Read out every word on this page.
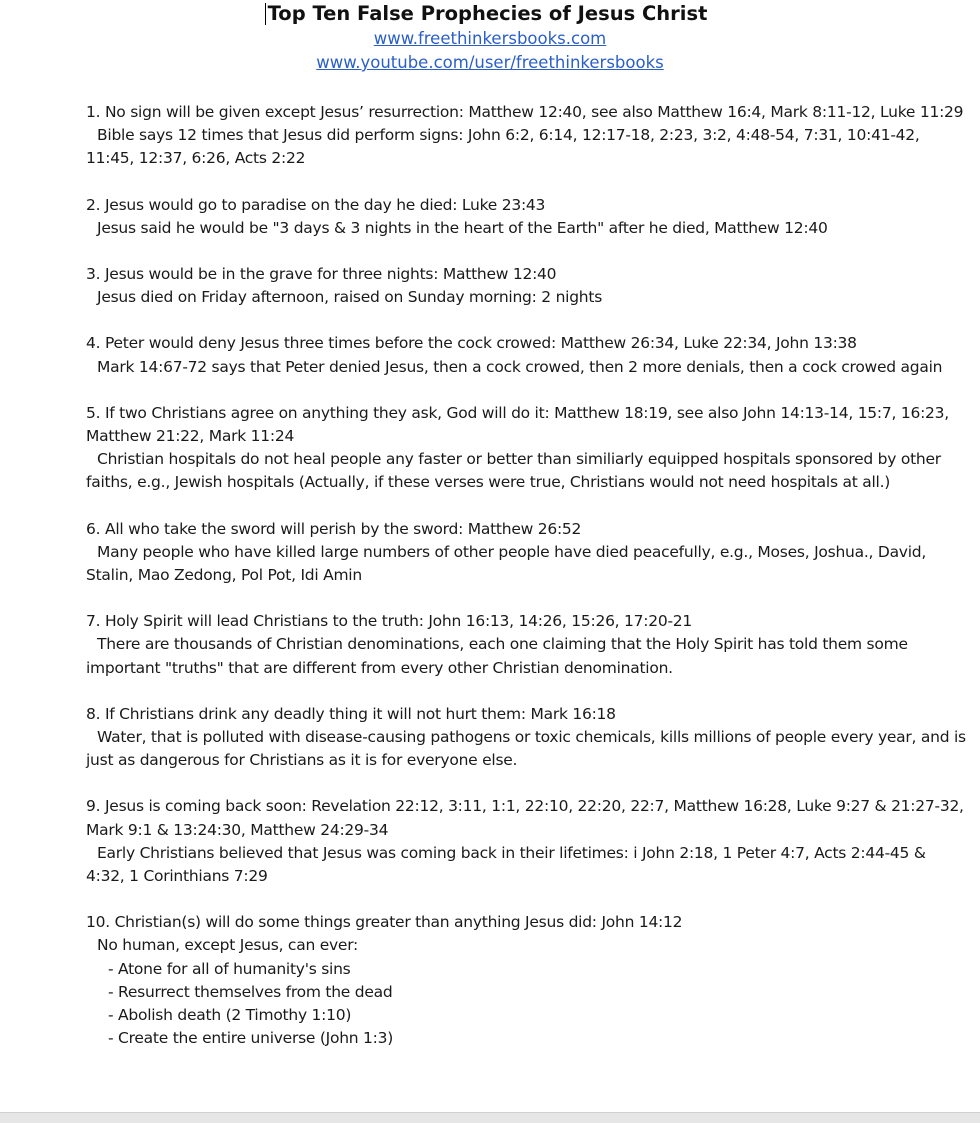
Top Ten False Prophecies of Jesus Christ
www.freethinkersbooks.com
www.youtube.com/user/freethinkersbooks

1. No sign will be given except Jesus’ resurrection: Matthew 12:40, see also Matthew 16:4, Mark 8:11-12, Luke 11:29

Bible says 12 times that Jesus did perform signs: John 6:2, 6:14, 12:17-18, 2:23, 3:2, 4:48-54, 7:31, 10:41-42, 11:45, 12:37, 6:26, Acts 2:22

2. Jesus would go to paradise on the day he died: Luke 23:43

Jesus said he would be "3 days & 3 nights in the heart of the Earth" after he died, Matthew 12:40

3. Jesus would be in the grave for three nights: Matthew 12:40

Jesus died on Friday afternoon, raised on Sunday morning: 2 nights

4. Peter would deny Jesus three times before the cock crowed: Matthew 26:34, Luke 22:34, John 13:38

Mark 14:67-72 says that Peter denied Jesus, then a cock crowed, then 2 more denials, then a cock crowed again

5. If two Christians agree on anything they ask, God will do it: Matthew 18:19, see also John 14:13-14, 15:7, 16:23, Matthew 21:22, Mark 11:24

Christian hospitals do not heal people any faster or better than similiarly equipped hospitals sponsored by other faiths, e.g., Jewish hospitals (Actually, if these verses were true, Christians would not need hospitals at all.)

6. All who take the sword will perish by the sword: Matthew 26:52

Many people who have killed large numbers of other people have died peacefully, e.g., Moses, Joshua., David, Stalin, Mao Zedong, Pol Pot, Idi Amin

7. Holy Spirit will lead Christians to the truth: John 16:13, 14:26, 15:26, 17:20-21

There are thousands of Christian denominations, each one claiming that the Holy Spirit has told them some important "truths" that are different from every other Christian denomination.

8. If Christians drink any deadly thing it will not hurt them: Mark 16:18

Water, that is polluted with disease-causing pathogens or toxic chemicals, kills millions of people every year, and is just as dangerous for Christians as it is for everyone else.

9. Jesus is coming back soon: Revelation 22:12, 3:11, 1:1, 22:10, 22:20, 22:7, Matthew 16:28, Luke 9:27 & 21:27-32, Mark 9:1 & 13:24:30, Matthew 24:29-34

Early Christians believed that Jesus was coming back in their lifetimes: i John 2:18, 1 Peter 4:7, Acts 2:44-45 & 4:32, 1 Corinthians 7:29

10. Christian(s) will do some things greater than anything Jesus did: John 14:12

No human, except Jesus, can ever:

- Atone for all of humanity's sins

- Resurrect themselves from the dead

- Abolish death (2 Timothy 1:10)

- Create the entire universe (John 1:3)
